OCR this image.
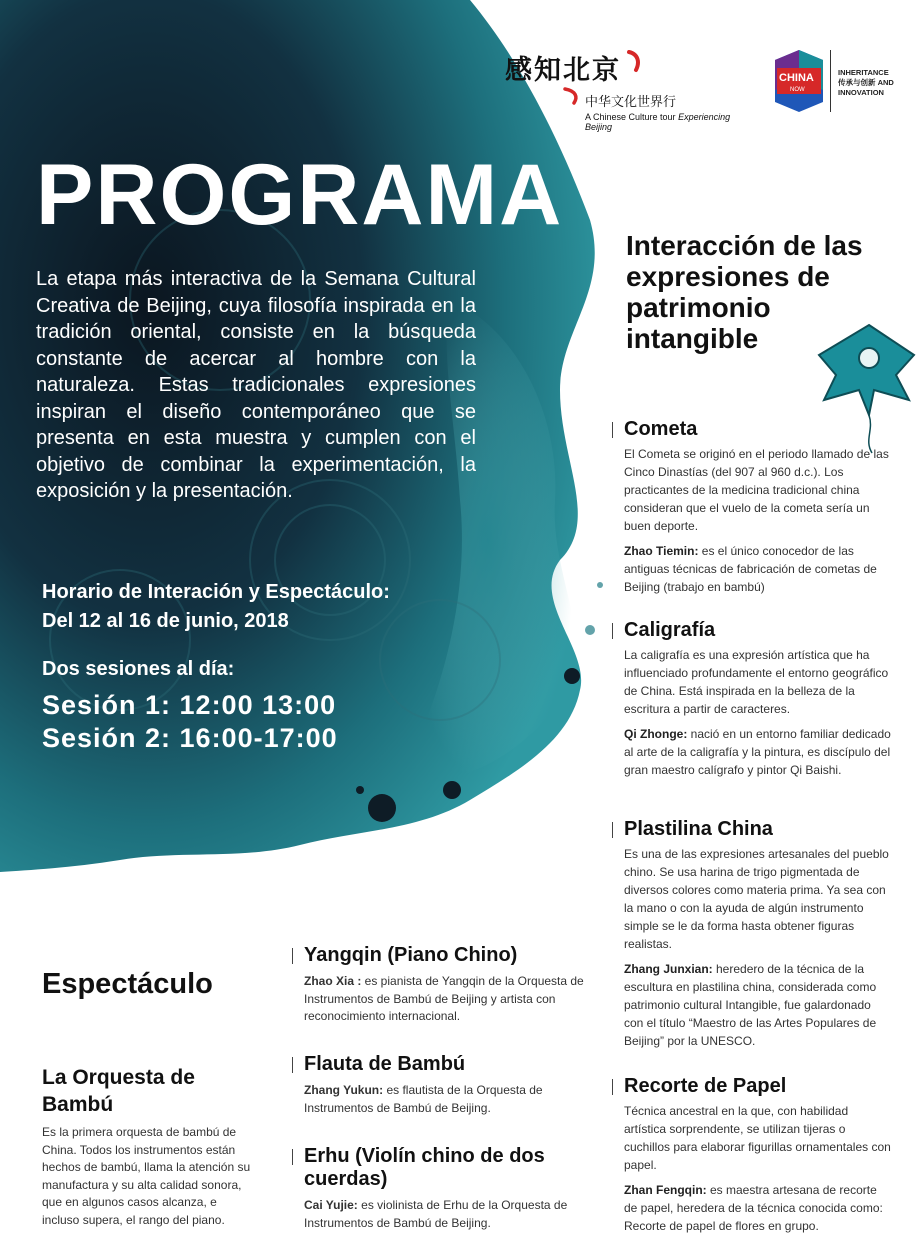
感知北京
中华文化世界行
A Chinese Culture tour Experiencing Beijing
CHINA
NOW
INHERITANCE
传承与创新 AND
INNOVATION
PROGRAMA
La etapa más interactiva de la Semana Cultural Creativa de Beijing, cuya filosofía inspirada en la tradición oriental, consiste en la búsqueda constante de acercar al hombre con la naturaleza. Estas tradicionales expresiones inspiran el diseño contemporáneo que se presenta en esta muestra y cumplen con el objetivo de combinar la experimentación, la exposición y la presentación.
Horario de Interación y Espectáculo:
Del 12 al 16 de junio, 2018
Dos sesiones al día:
Sesión 1: 12:00 13:00
Sesión 2: 16:00-17:00
Interacción de las expresiones de patrimonio intangible
Cometa

El Cometa se originó en el periodo llamado de las Cinco Dinastías (del 907 al 960 d.c.). Los practicantes de la medicina tradicional china consideran que el vuelo de la cometa sería un buen deporte.

Zhao Tiemin: es el único conocedor de las antiguas técnicas de fabricación de cometas de Beijing (trabajo en bambú)

Caligrafía

La caligrafía es una expresión artística que ha influenciado profundamente el entorno geográfico de China. Está inspirada en la belleza de la escritura a partir de caracteres.

Qi Zhonge: nació en un entorno familiar dedicado al arte de la caligrafía y la pintura, es discípulo del gran maestro calígrafo y pintor Qi Baishi.

Plastilina China

Es una de las expresiones artesanales del pueblo chino. Se usa harina de trigo pigmentada de diversos colores como materia prima. Ya sea con la mano o con la ayuda de algún instrumento simple se le da forma hasta obtener figuras realistas.

Zhang Junxian: heredero de la técnica de la escultura en plastilina china, considerada como patrimonio cultural Intangible, fue galardonado con el título “Maestro de las Artes Populares de Beijing” por la UNESCO.

Recorte de Papel

Técnica ancestral en la que, con habilidad artística sorprendente, se utilizan tijeras o cuchillos para elaborar figurillas ornamentales con papel.

Zhan Fengqin: es maestra artesana de recorte de papel, heredera de la técnica conocida como: Recorte de papel de flores en grupo.

Espectáculo
La Orquesta de Bambú
Es la primera orquesta de bambú de China. Todos los instrumentos están hechos de bambú, llama la atención su manufactura y su alta calidad sonora, que en algunos casos alcanza, e incluso supera, el rango del piano.
Yangqin (Piano Chino)

Zhao Xia : es pianista de Yangqin de la Orquesta de Instrumentos de Bambú de Beijing y artista con reconocimiento internacional.

Flauta de Bambú

Zhang Yukun: es flautista de la Orquesta de Instrumentos de Bambú de Beijing.

Erhu (Violín chino de dos cuerdas)

Cai Yujie: es violinista de Erhu de la Orquesta de Instrumentos de Bambú de Beijing.
